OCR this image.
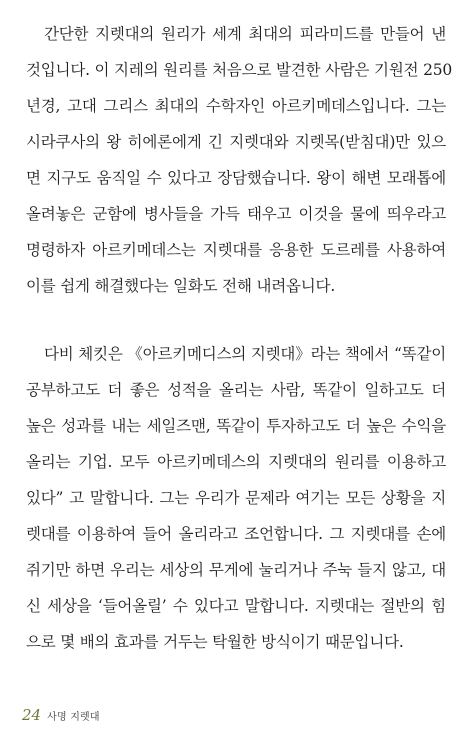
간단한 지렛대의 원리가 세계 최대의 피라미드를 만들어 낸
것입니다. 이 지레의 원리를 처음으로 발견한 사람은 기원전 250
년경, 고대 그리스 최대의 수학자인 아르키메데스입니다. 그는
시라쿠사의 왕 히에론에게 긴 지렛대와 지렛목(받침대)만 있으
면 지구도 움직일 수 있다고 장담했습니다. 왕이 해변 모래톱에
올려놓은 군함에 병사들을 가득 태우고 이것을 물에 띄우라고
명령하자 아르키메데스는 지렛대를 응용한 도르레를 사용하여
이를 쉽게 해결했다는 일화도 전해 내려옵니다.
다비 체킷은 《아르키메디스의 지렛대》라는 책에서 “똑같이
공부하고도 더 좋은 성적을 올리는 사람, 똑같이 일하고도 더
높은 성과를 내는 세일즈맨, 똑같이 투자하고도 더 높은 수익을
올리는 기업. 모두 아르키메데스의 지렛대의 원리를 이용하고
있다” 고 말합니다. 그는 우리가 문제라 여기는 모든 상황을 지
렛대를 이용하여 들어 올리라고 조언합니다. 그 지렛대를 손에
쥐기만 하면 우리는 세상의 무게에 눌리거나 주눅 들지 않고, 대
신 세상을 ‘들어올릴’ 수 있다고 말합니다. 지렛대는 절반의 힘
으로 몇 배의 효과를 거두는 탁월한 방식이기 때문입니다.
24 사명 지렛대
